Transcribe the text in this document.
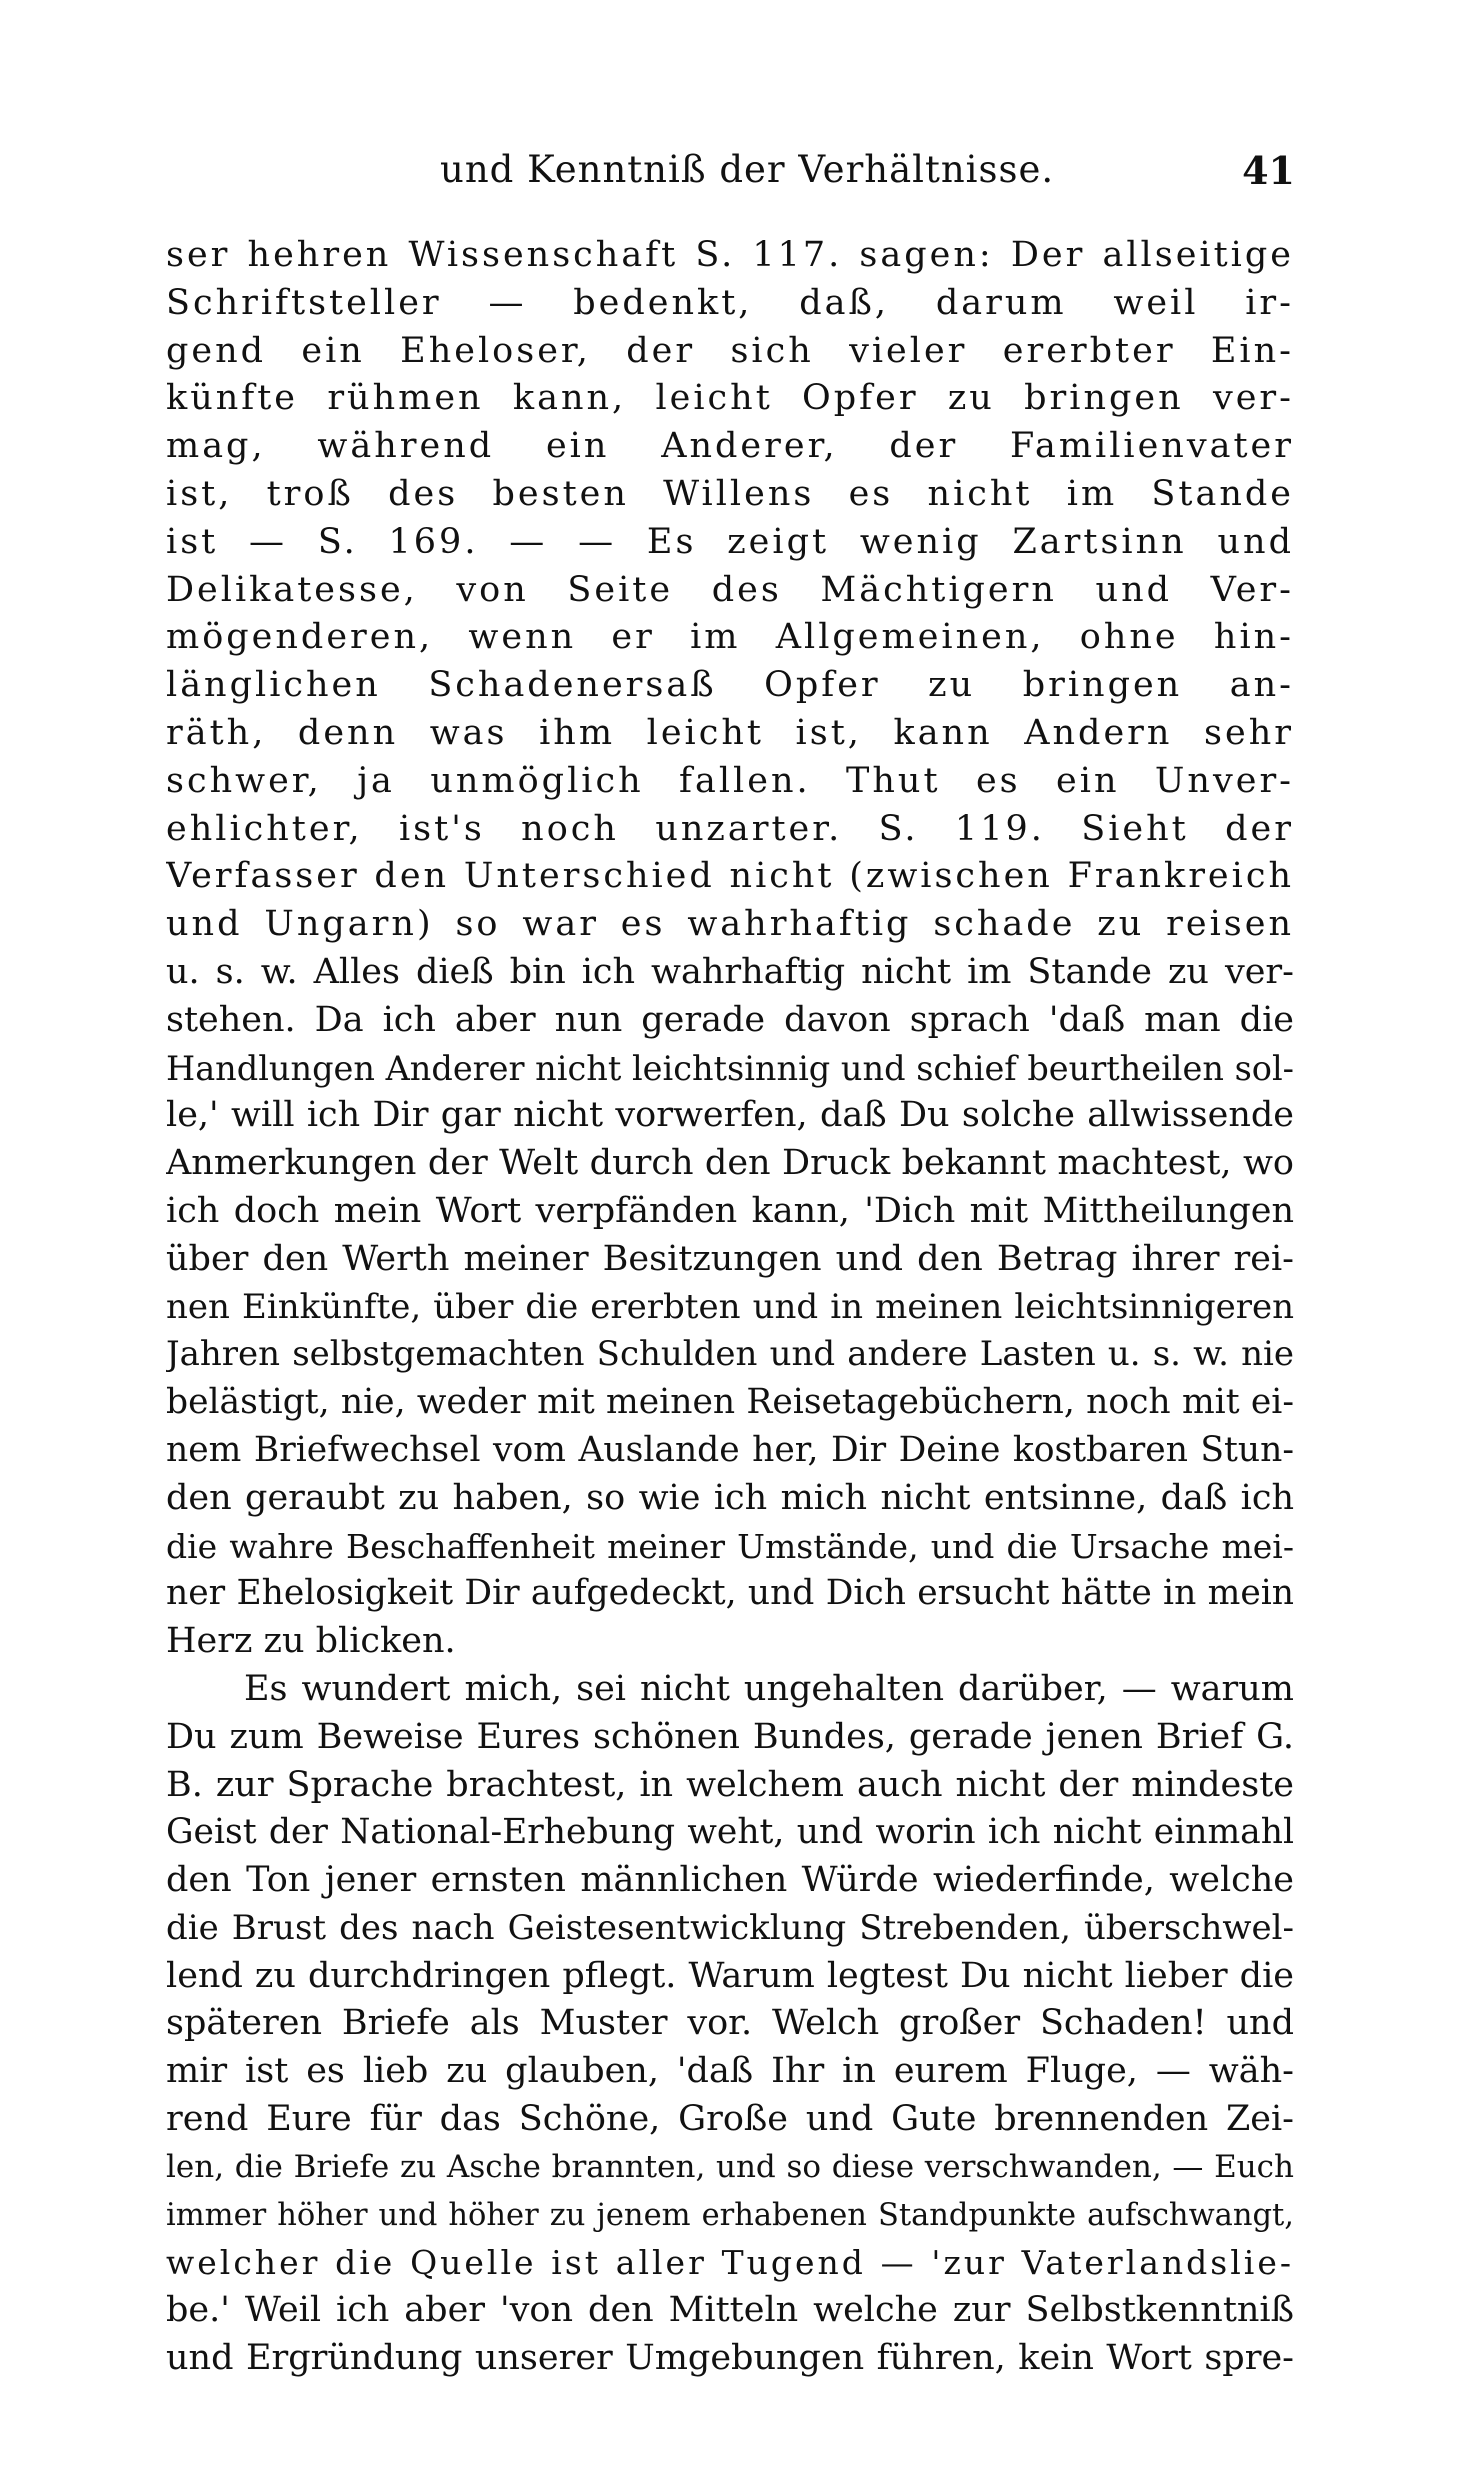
und Kenntniß der Verhältnisse.	41
ser hehren Wissenschaft S. 117. sagen: Der allseitige
Schriftsteller — bedenkt, daß, darum weil ir-
gend ein Eheloser, der sich vieler ererbter Ein-
künfte rühmen kann, leicht Opfer zu bringen ver-
mag, während ein Anderer, der Familienvater
ist, troß des besten Willens es nicht im Stande
ist — S. 169. — — Es zeigt wenig Zartsinn und
Delikatesse, von Seite des Mächtigern und Ver-
mögenderen, wenn er im Allgemeinen, ohne hin-
länglichen Schadenersaß Opfer zu bringen an-
räth, denn was ihm leicht ist, kann Andern sehr
schwer, ja unmöglich fallen. Thut es ein Unver-
ehlichter, ist's noch unzarter. S. 119. Sieht der
Verfasser den Unterschied nicht (zwischen Frankreich
und Ungarn) so war es wahrhaftig schade zu reisen
u. s. w. Alles dieß bin ich wahrhaftig nicht im Stande zu ver-
stehen. Da ich aber nun gerade davon sprach 'daß man die
Handlungen Anderer nicht leichtsinnig und schief beurtheilen sol-
le,' will ich Dir gar nicht vorwerfen, daß Du solche allwissende
Anmerkungen der Welt durch den Druck bekannt machtest, wo
ich doch mein Wort verpfänden kann, 'Dich mit Mittheilungen
über den Werth meiner Besitzungen und den Betrag ihrer rei-
nen Einkünfte, über die ererbten und in meinen leichtsinnigeren
Jahren selbstgemachten Schulden und andere Lasten u. s. w. nie
belästigt, nie, weder mit meinen Reisetagebüchern, noch mit ei-
nem Briefwechsel vom Auslande her, Dir Deine kostbaren Stun-
den geraubt zu haben, so wie ich mich nicht entsinne, daß ich
die wahre Beschaffenheit meiner Umstände, und die Ursache mei-
ner Ehelosigkeit Dir aufgedeckt, und Dich ersucht hätte in mein
Herz zu blicken.
Es wundert mich, sei nicht ungehalten darüber, — warum
Du zum Beweise Eures schönen Bundes, gerade jenen Brief G.
B. zur Sprache brachtest, in welchem auch nicht der mindeste
Geist der National-Erhebung weht, und worin ich nicht einmahl
den Ton jener ernsten männlichen Würde wiederfinde, welche
die Brust des nach Geistesentwicklung Strebenden, überschwel-
lend zu durchdringen pflegt. Warum legtest Du nicht lieber die
späteren Briefe als Muster vor. Welch großer Schaden! und
mir ist es lieb zu glauben, 'daß Ihr in eurem Fluge, — wäh-
rend Eure für das Schöne, Große und Gute brennenden Zei-
len, die Briefe zu Asche brannten, und so diese verschwanden, — Euch
immer höher und höher zu jenem erhabenen Standpunkte aufschwangt,
welcher die Quelle ist aller Tugend — 'zur Vaterlandslie-
be.' Weil ich aber 'von den Mitteln welche zur Selbstkenntniß
und Ergründung unserer Umgebungen führen, kein Wort spre-
